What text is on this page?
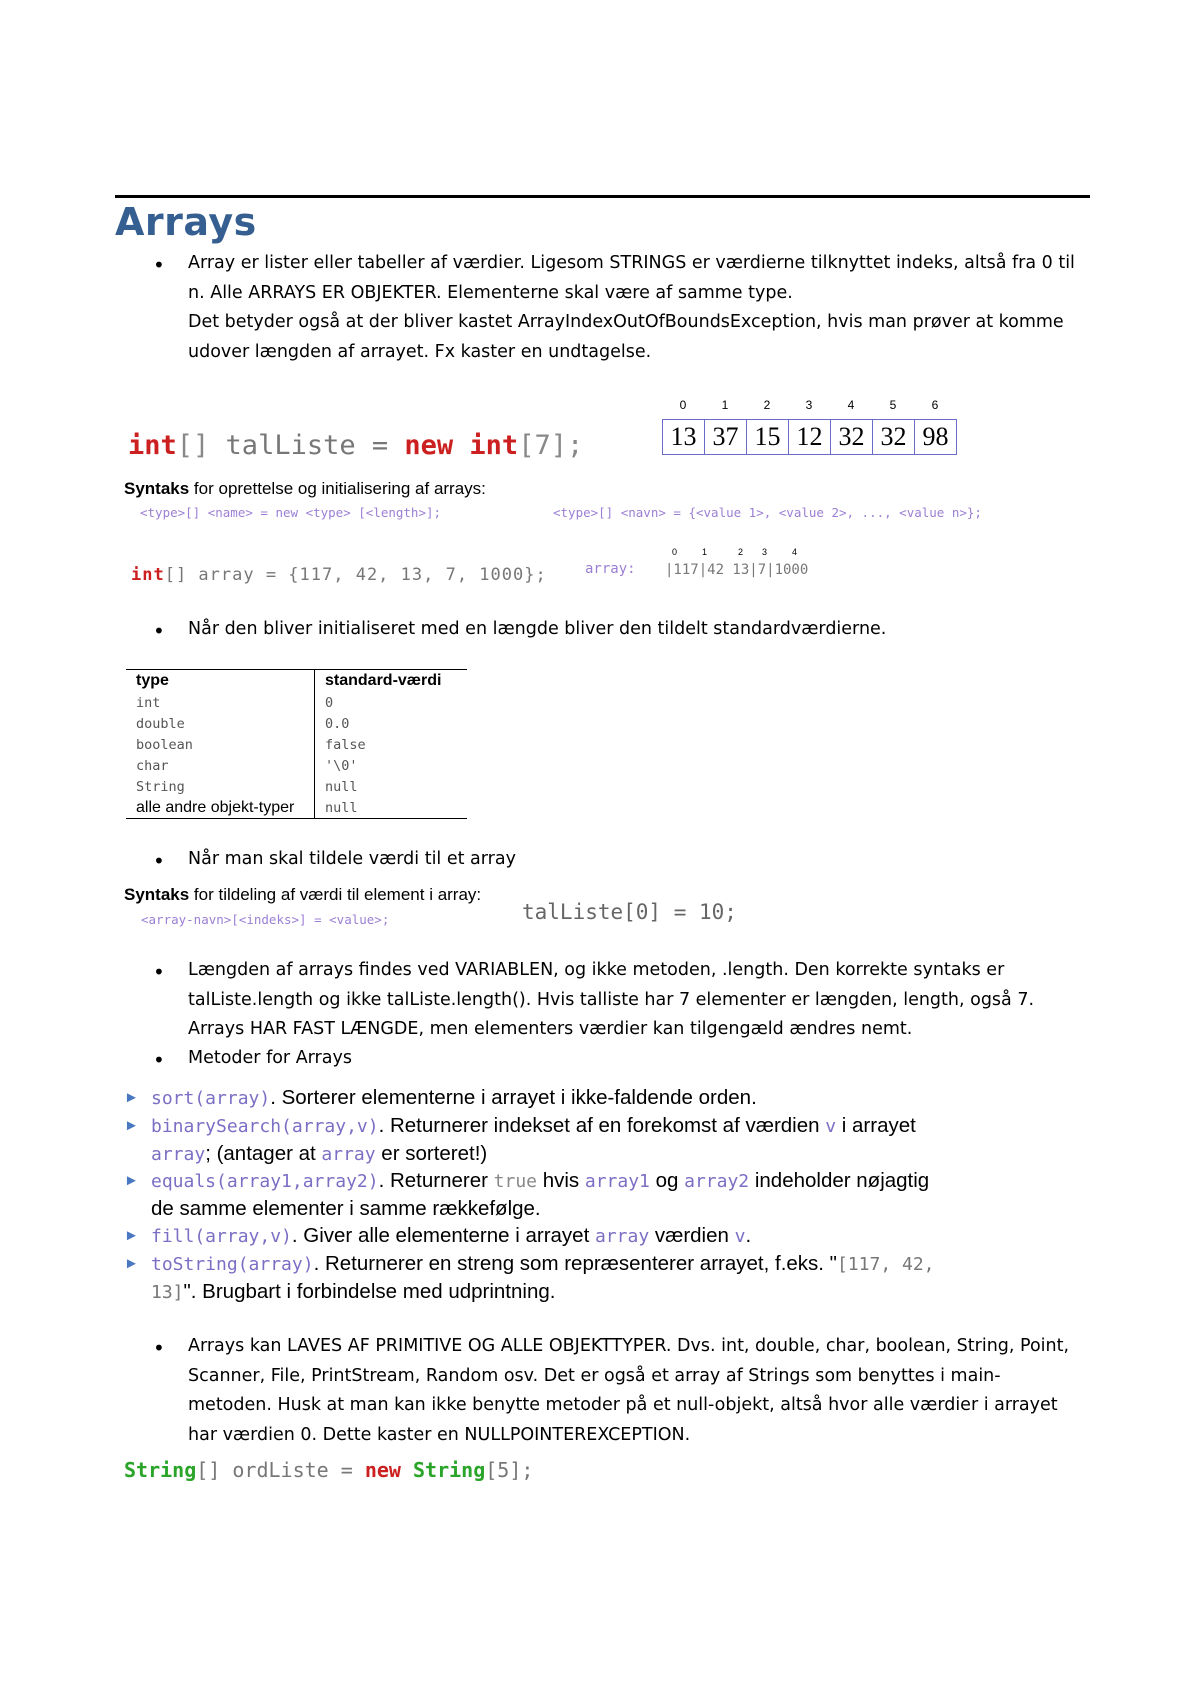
Arrays
• Array er lister eller tabeller af værdier. Ligesom STRINGS er værdierne tilknyttet indeks, altså fra 0 til

n. Alle ARRAYS ER OBJEKTER. Elementerne skal være af samme type.

Det betyder også at der bliver kastet ArrayIndexOutOfBoundsException, hvis man prøver at komme

udover længden af arrayet. Fx kaster en undtagelse.

0	1	2	3	4	5	6
13 37 15 12 32 32 98
int[] talListe = new int[7];
Syntaks for oprettelse og initialisering af arrays:
<type>[] <name> = new <type> [<length>];	<type>[] <navn> = {<value 1>, <value 2>, ..., <value n>};
int[] array = {117, 42, 13, 7, 1000};	array:
0	1	2 3	4
|117|42 13|7|1000
• Når den bliver initialiseret med en længde bliver den tildelt standardværdierne.

type	standard-værdi
int	0
double	0.0
boolean	false
char	'\0'
String	null
alle andre objekt-typer	null
• Når man skal tildele værdi til et array

Syntaks for tildeling af værdi til element i array:
<array-navn>[<indeks>] = <value>;	talListe[0] = 10;
• Længden af arrays findes ved VARIABLEN, og ikke metoden, .length. Den korrekte syntaks er

talListe.length og ikke talListe.length(). Hvis talliste har 7 elementer er længden, length, også 7.

Arrays HAR FAST LÆNGDE, men elementers værdier kan tilgengæld ændres nemt.

• Metoder for Arrays

► sort(array). Sorterer elementerne i arrayet i ikke-faldende orden.
► binarySearch(array,v). Returnerer indekset af en forekomst af værdien v i arrayet
array; (antager at array er sorteret!)
► equals(array1,array2). Returnerer true hvis array1 og array2 indeholder nøjagtig
de samme elementer i samme rækkefølge.
► fill(array,v). Giver alle elementerne i arrayet array værdien v.
► toString(array). Returnerer en streng som repræsenterer arrayet, f.eks. "[117, 42,
13]". Brugbart i forbindelse med udprintning.
• Arrays kan LAVES AF PRIMITIVE OG ALLE OBJEKTTYPER. Dvs. int, double, char, boolean, String, Point,

Scanner, File, PrintStream, Random osv. Det er også et array af Strings som benyttes i main-

metoden. Husk at man kan ikke benytte metoder på et null-objekt, altså hvor alle værdier i arrayet

har værdien 0. Dette kaster en NULLPOINTEREXCEPTION.

String[] ordListe = new String[5];
